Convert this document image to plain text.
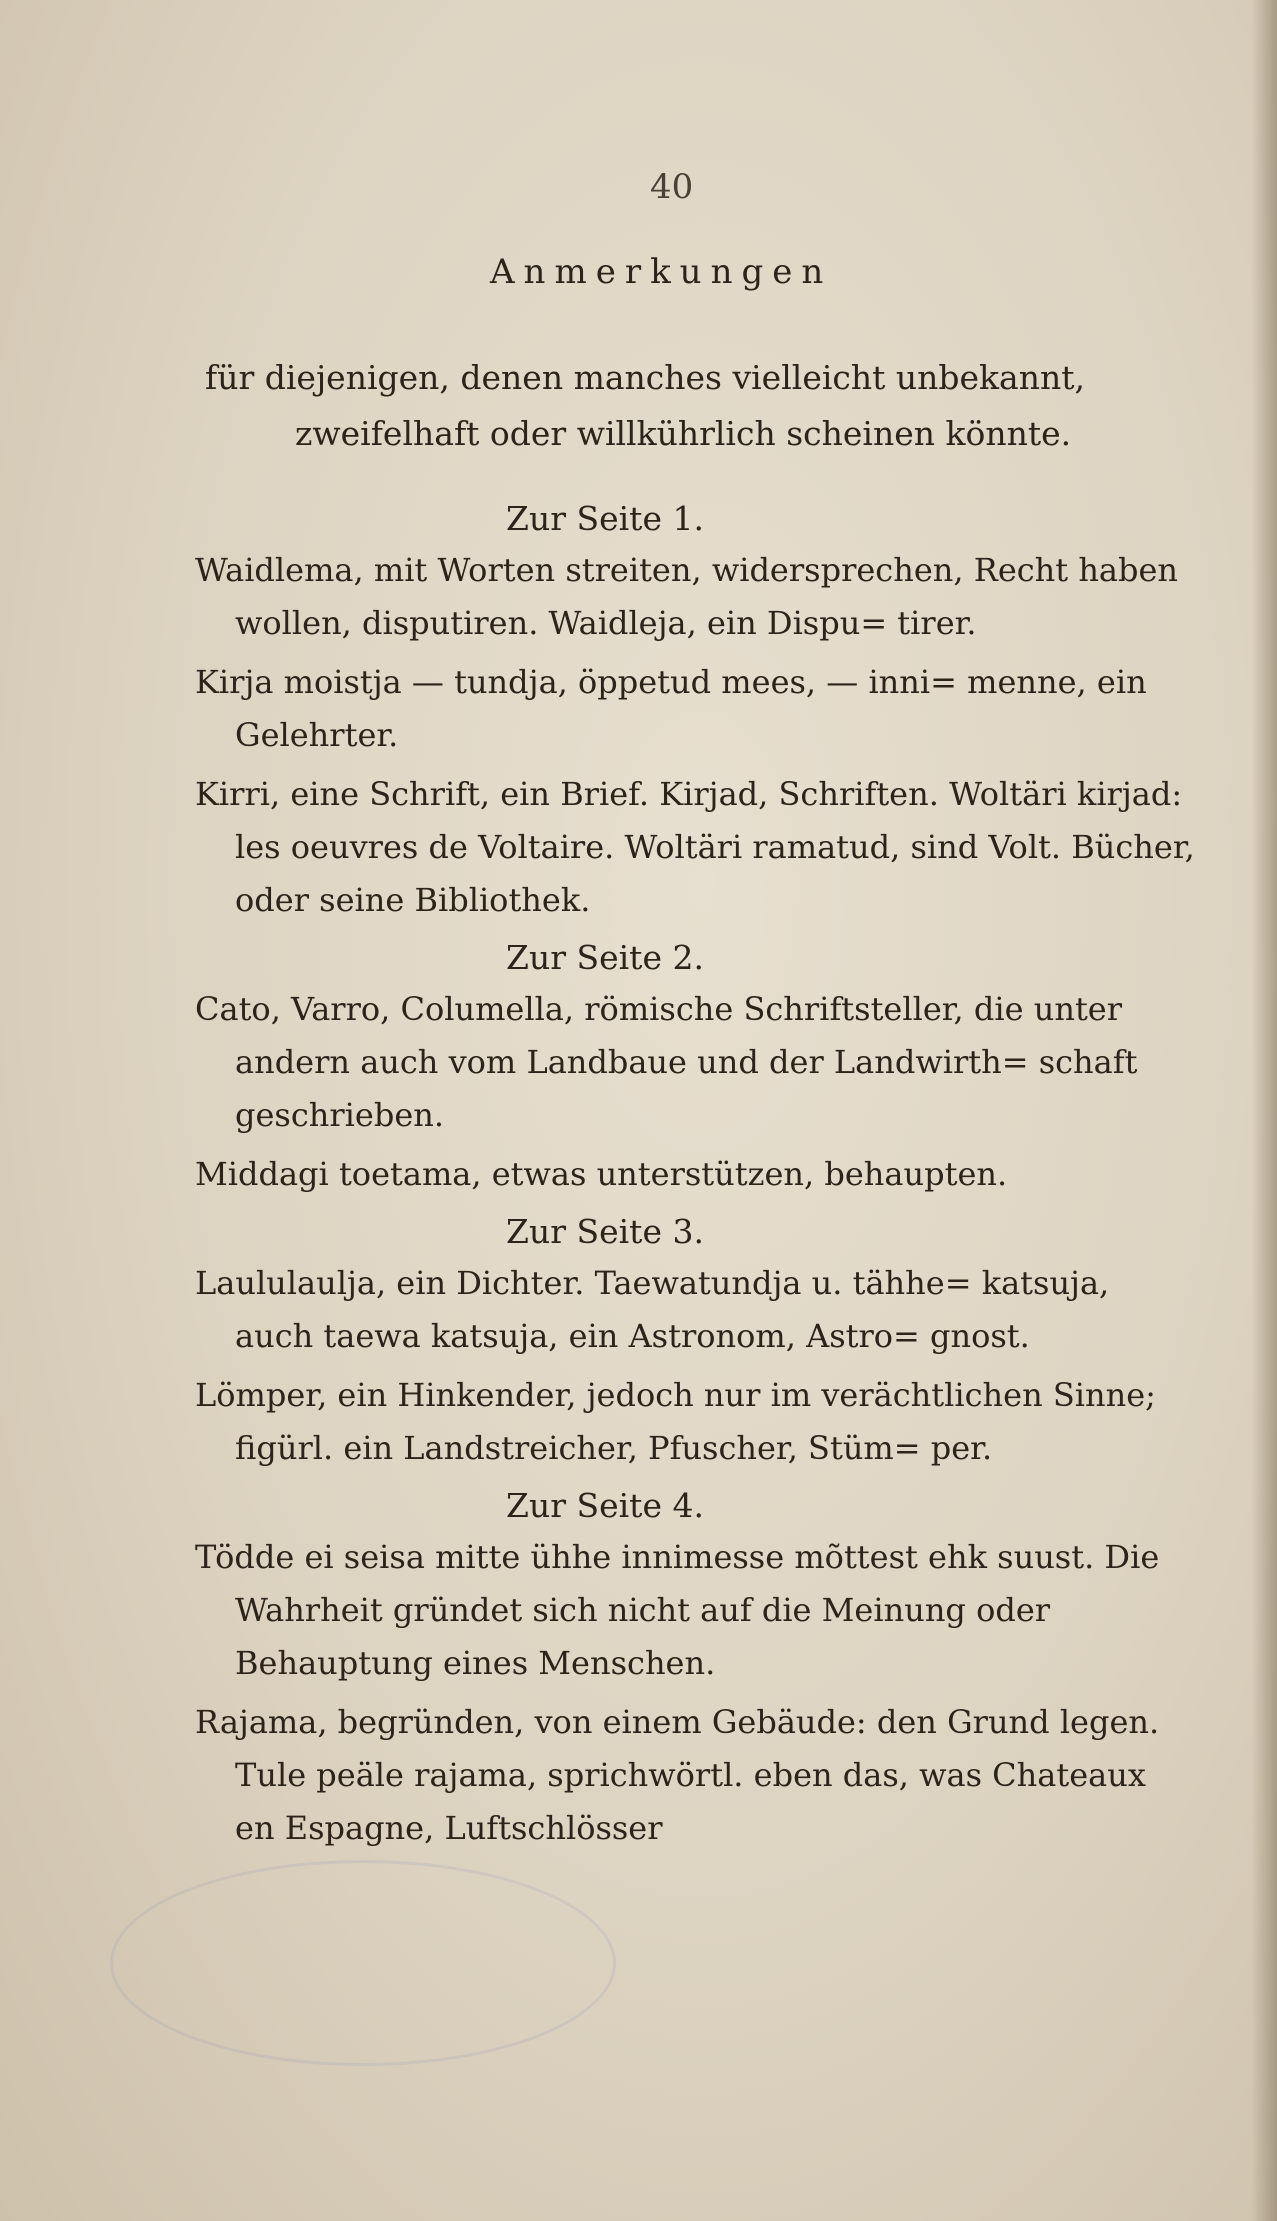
40
Anmerkungen
für diejenigen, denen manches vielleicht unbekannt,
zweifelhaft oder willkührlich scheinen könnte.
Zur Seite 1.

Waidlema, mit Worten streiten, widersprechen, Recht haben wollen, disputiren. Waidleja, ein Dispu= tirer.

Kirja moistja — tundja, öppetud mees, — inni= menne, ein Gelehrter.

Kirri, eine Schrift, ein Brief. Kirjad, Schriften. Woltäri kirjad: les oeuvres de Voltaire. Woltäri ramatud, sind Volt. Bücher, oder seine Bibliothek.

Zur Seite 2.

Cato, Varro, Columella, römische Schriftsteller, die unter andern auch vom Landbaue und der Landwirth= schaft geschrieben.

Middagi toetama, etwas unterstützen, behaupten.

Zur Seite 3.

Laululaulja, ein Dichter. Taewatundja u. tähhe= katsuja, auch taewa katsuja, ein Astronom, Astro= gnost.

Lömper, ein Hinkender, jedoch nur im verächtlichen Sinne; figürl. ein Landstreicher, Pfuscher, Stüm= per.

Zur Seite 4.

Tödde ei seisa mitte ühhe innimesse mõttest ehk suust. Die Wahrheit gründet sich nicht auf die Meinung oder Behauptung eines Menschen.

Rajama, begründen, von einem Gebäude: den Grund legen. Tule peäle rajama, sprichwörtl. eben das, was Chateaux en Espagne, Luftschlösser
